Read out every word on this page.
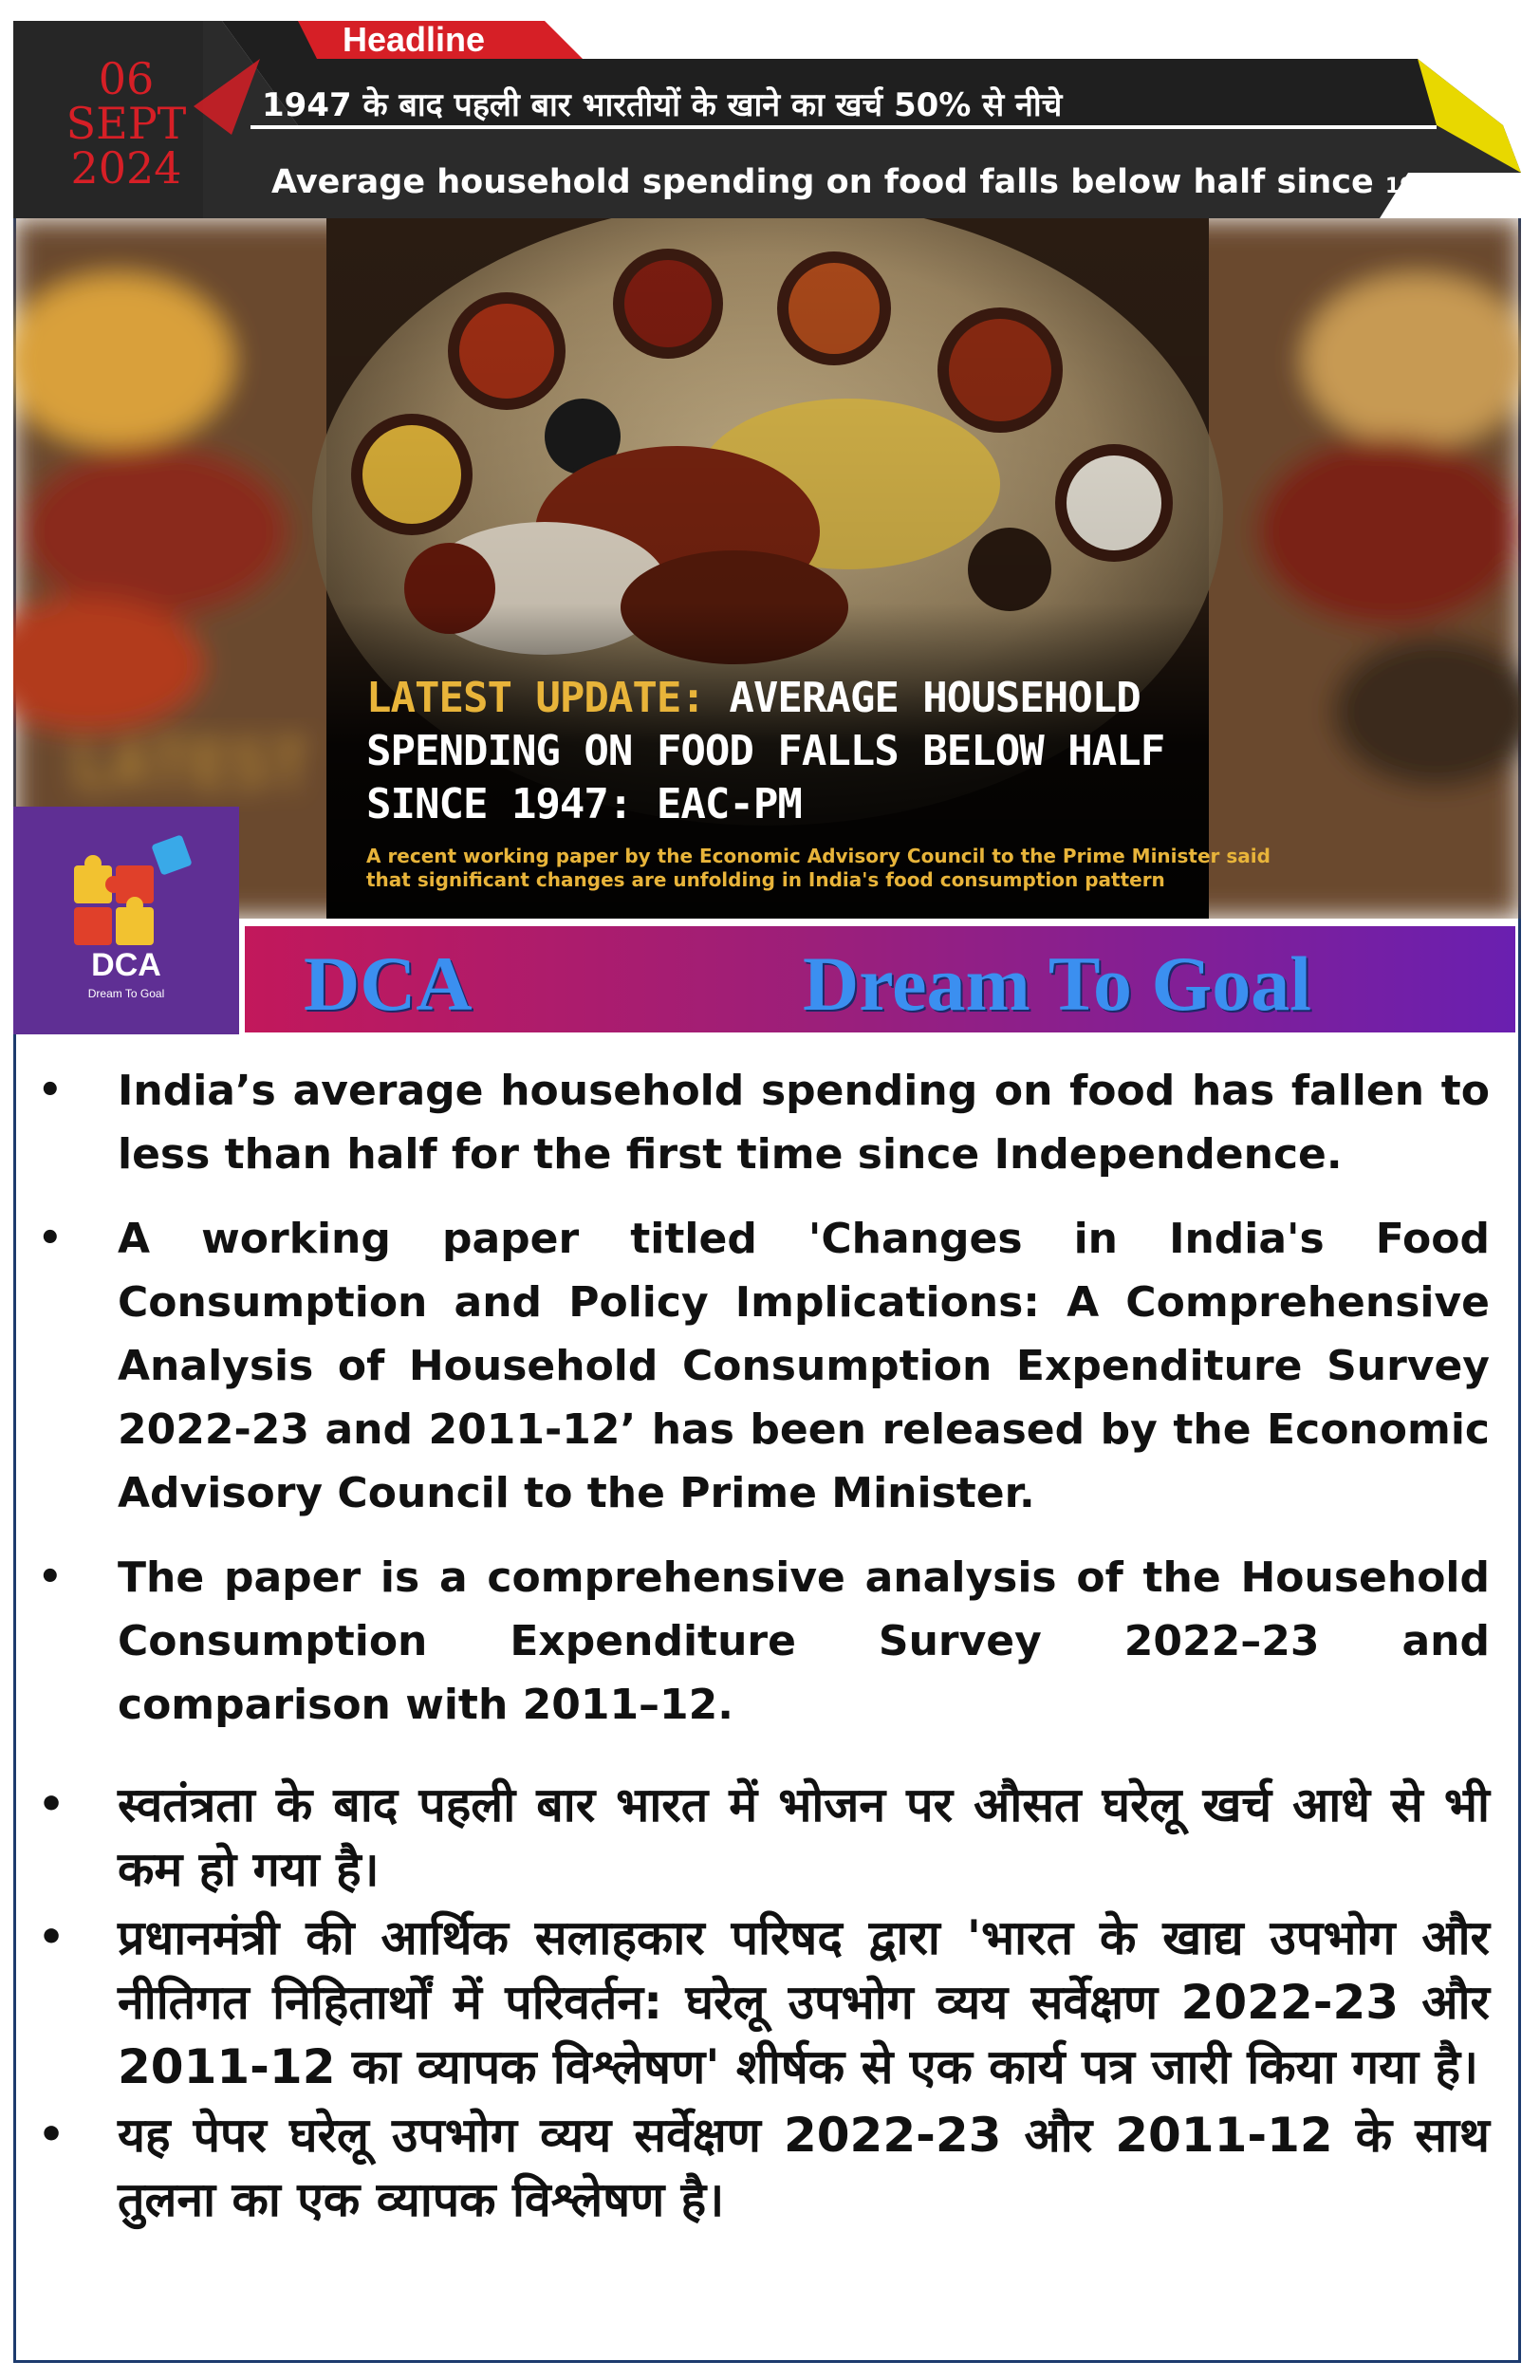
06
SEPT
2024
Headline
1947 के बाद पहली बार भारतीयों के खाने का खर्च 50% से नीचे
Average household spending on food falls below half since 1947
LATEST
LATEST UPDATE: AVERAGE HOUSEHOLD SPENDING ON FOOD FALLS BELOW HALF SINCE 1947: EAC-PM
A recent working paper by the Economic Advisory Council to the Prime Minister said that significant changes are unfolding in India's food consumption pattern
DCA
Dream To Goal	DCA	Dream To Goal
• India’s average household spending on food has fallen to less than half for the first time since Independence.
• A working paper titled 'Changes in India's Food Consumption and Policy Implications: A Comprehensive Analysis of Household Consumption Expenditure Survey 2022-23 and 2011-12’ has been released by the Economic Advisory Council to the Prime Minister.
• The paper is a comprehensive analysis of the Household Consumption Expenditure Survey 2022–23 and comparison with 2011–12.
• स्वतंत्रता के बाद पहली बार भारत में भोजन पर औसत घरेलू खर्च आधे से भी कम हो गया है।
• प्रधानमंत्री की आर्थिक सलाहकार परिषद द्वारा 'भारत के खाद्य उपभोग और नीतिगत निहितार्थों में परिवर्तन: घरेलू उपभोग व्यय सर्वेक्षण 2022-23 और 2011-12 का व्यापक विश्लेषण' शीर्षक से एक कार्य पत्र जारी किया गया है।
• यह पेपर घरेलू उपभोग व्यय सर्वेक्षण 2022-23 और 2011-12 के साथ तुलना का एक व्यापक विश्लेषण है।
